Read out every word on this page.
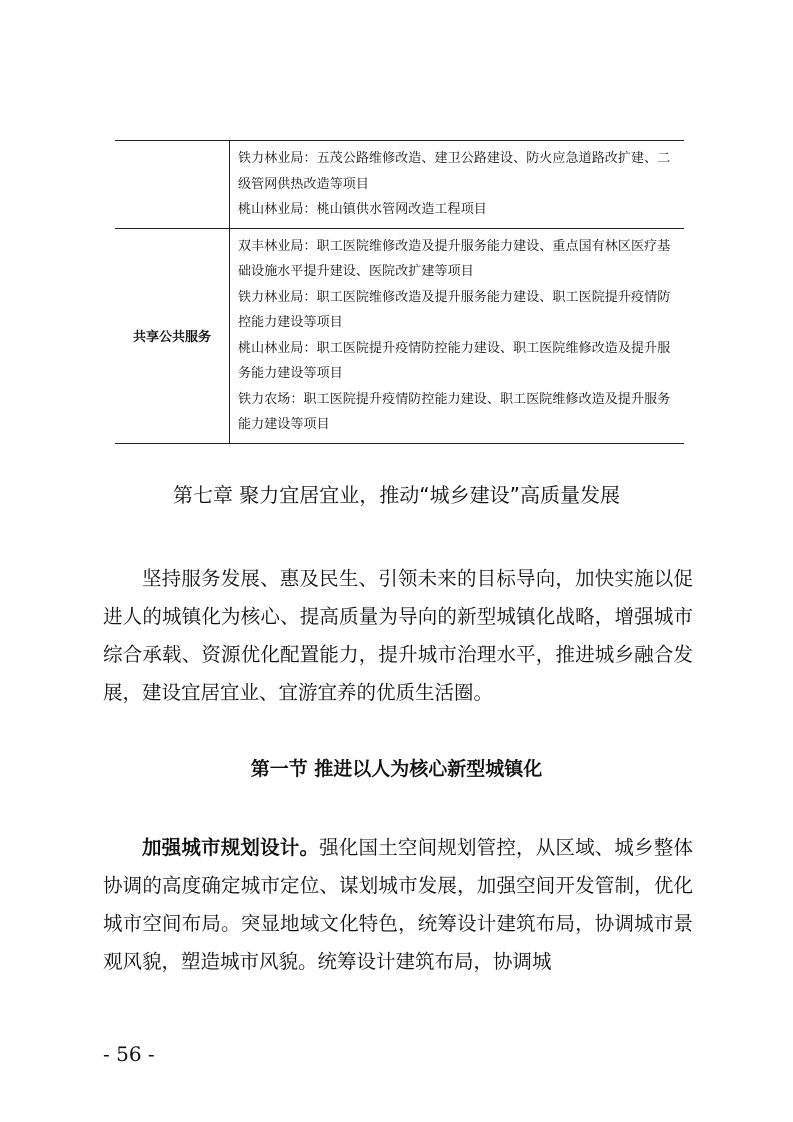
	铁力林业局：五茂公路维修改造、建卫公路建设、防火应急道路改扩建、二级管网供热改造等项目
桃山林业局：桃山镇供水管网改造工程项目

共享公共服务	双丰林业局：职工医院维修改造及提升服务能力建设、重点国有林区医疗基础设施水平提升建设、医院改扩建等项目
铁力林业局：职工医院维修改造及提升服务能力建设、职工医院提升疫情防控能力建设等项目
桃山林业局：职工医院提升疫情防控能力建设、职工医院维修改造及提升服务能力建设等项目
铁力农场：职工医院提升疫情防控能力建设、职工医院维修改造及提升服务能力建设等项目
第七章 聚力宜居宜业，推动“城乡建设”高质量发展
坚持服务发展、惠及民生、引领未来的目标导向，加快实施以促进人的城镇化为核心、提高质量为导向的新型城镇化战略，增强城市综合承载、资源优化配置能力，提升城市治理水平，推进城乡融合发展，建设宜居宜业、宜游宜养的优质生活圈。
第一节 推进以人为核心新型城镇化
加强城市规划设计。强化国土空间规划管控，从区域、城乡整体协调的高度确定城市定位、谋划城市发展，加强空间开发管制，优化城市空间布局。突显地域文化特色，统筹设计建筑布局，协调城市景观风貌，塑造城市风貌。统筹设计建筑布局，协调城
- 56 -
